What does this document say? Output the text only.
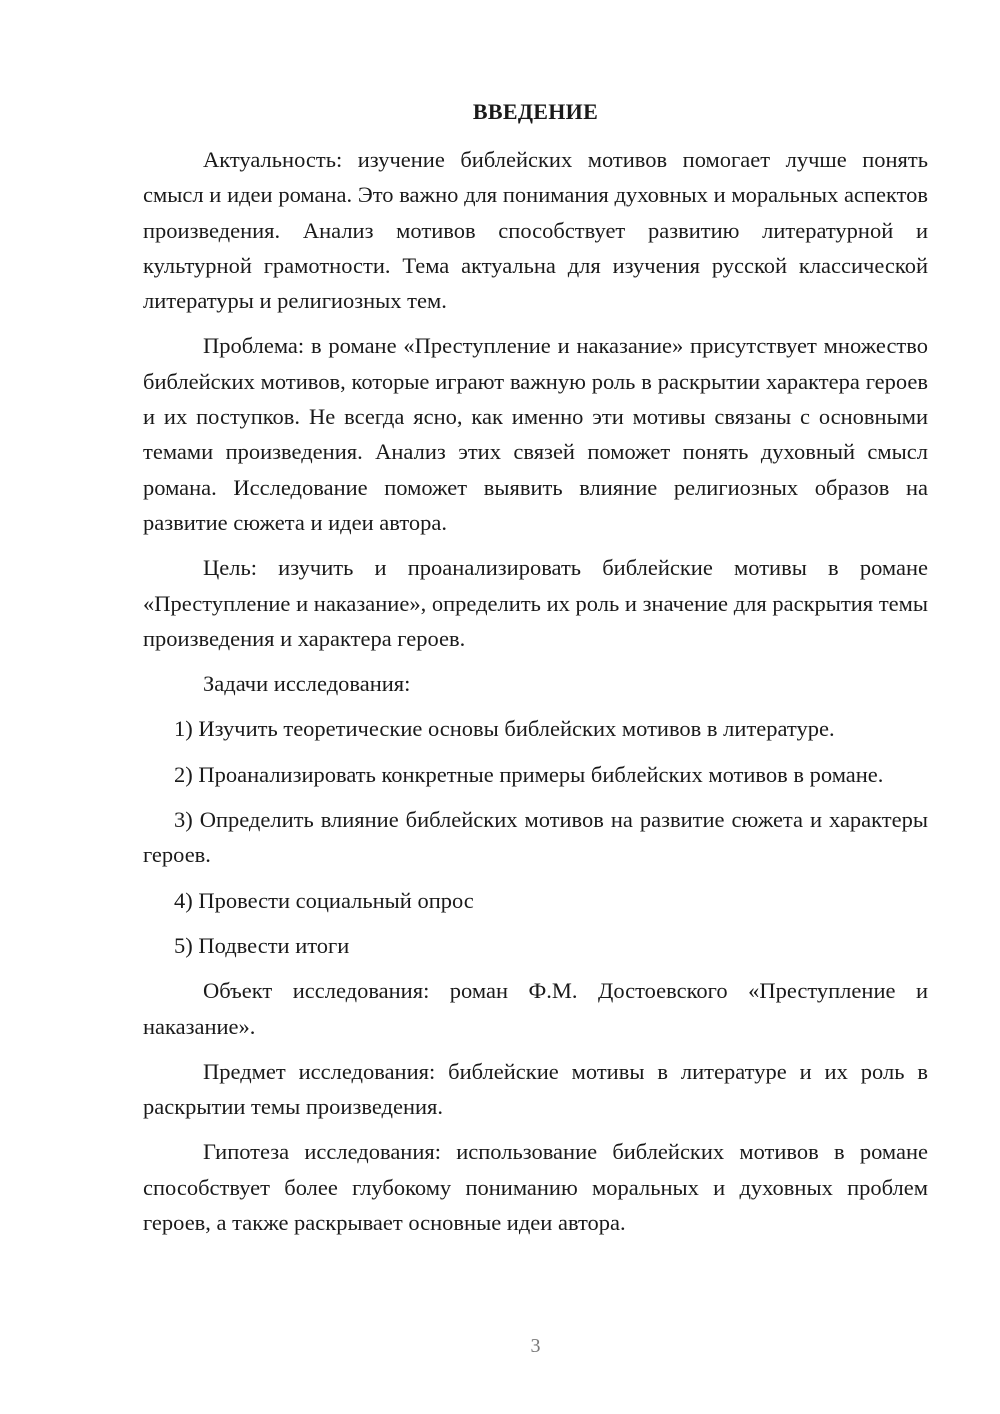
ВВЕДЕНИЕ

Актуальность: изучение библейских мотивов помогает лучше понять смысл и идеи романа. Это важно для понимания духовных и моральных аспектов произведения. Анализ мотивов способствует развитию литературной и культурной грамотности. Тема актуальна для изучения русской классической литературы и религиозных тем.

Проблема: в романе «Преступление и наказание» присутствует множество библейских мотивов, которые играют важную роль в раскрытии характера героев и их поступков. Не всегда ясно, как именно эти мотивы связаны с основными темами произведения. Анализ этих связей поможет понять духовный смысл романа. Исследование поможет выявить влияние религиозных образов на развитие сюжета и идеи автора.

Цель: изучить и проанализировать библейские мотивы в романе «Преступление и наказание», определить их роль и значение для раскрытия темы произведения и характера героев.

Задачи исследования:

1) Изучить теоретические основы библейских мотивов в литературе.

2) Проанализировать конкретные примеры библейских мотивов в романе.

3) Определить влияние библейских мотивов на развитие сюжета и характеры героев.

4) Провести социальный опрос

5) Подвести итоги

Объект исследования: роман Ф.М. Достоевского «Преступление и наказание».

Предмет исследования: библейские мотивы в литературе и их роль в раскрытии темы произведения.

Гипотеза исследования: использование библейских мотивов в романе способствует более глубокому пониманию моральных и духовных проблем героев, а также раскрывает основные идеи автора.

3
